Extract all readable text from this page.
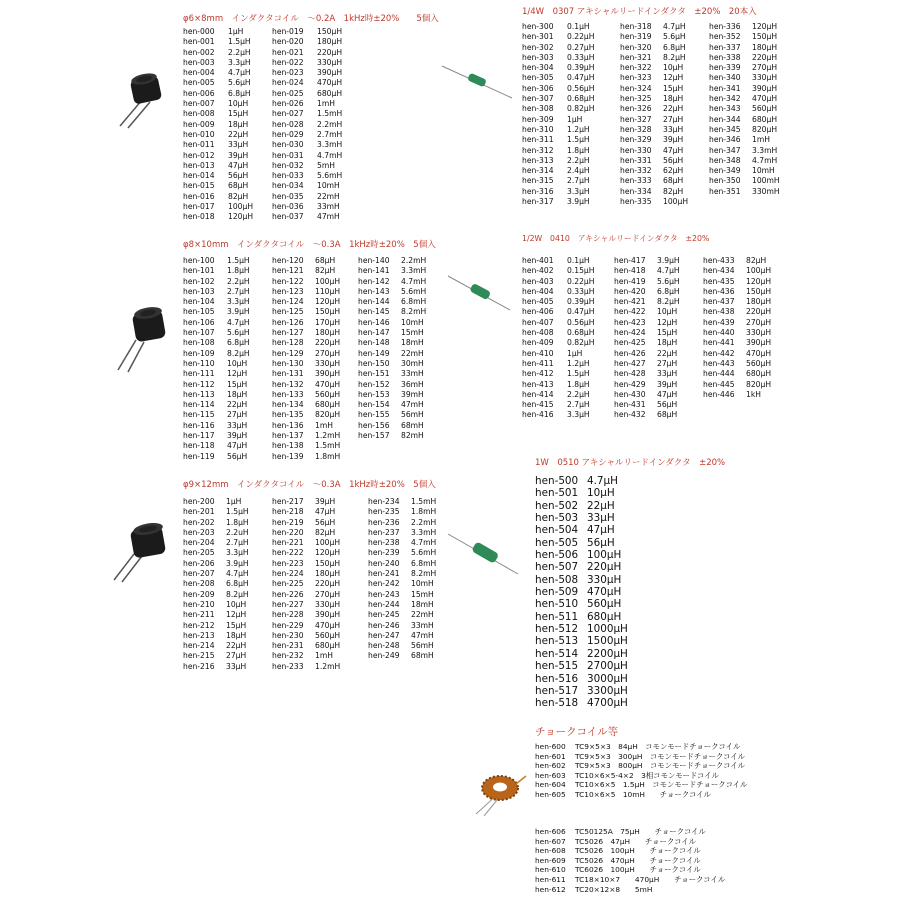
φ6×8mm　インダクタコイル　〜0.2A　1kHz時±20%　　5個入
φ8×10mm　インダクタコイル　〜0.3A　1kHz時±20%　5個入
φ9×12mm　インダクタコイル　〜0.3A　1kHz時±20%　5個入
1/4W　0307 アキシャルリードインダクタ　±20%　20本入
1/2W　0410　アキシャルリードインダクタ　±20%
1W　0510 アキシャルリードインダクタ　±20%
チョークコイル等
hen-000	1μH
hen-001	1.5μH
hen-002	2.2μH
hen-003	3.3μH
hen-004	4.7μH
hen-005	5.6μH
hen-006	6.8μH
hen-007	10μH
hen-008	15μH
hen-009	18μH
hen-010	22μH
hen-011	33μH
hen-012	39μH
hen-013	47μH
hen-014	56μH
hen-015	68μH
hen-016	82μH
hen-017	100μH
hen-018	120μH
hen-019	150μH
hen-020	180μH
hen-021	220μH
hen-022	330μH
hen-023	390μH
hen-024	470μH
hen-025	680μH
hen-026	1mH
hen-027	1.5mH
hen-028	2.2mH
hen-029	2.7mH
hen-030	3.3mH
hen-031	4.7mH
hen-032	5mH
hen-033	5.6mH
hen-034	10mH
hen-035	22mH
hen-036	33mH
hen-037	47mH
hen-100	1.5μH
hen-101	1.8μH
hen-102	2.2μH
hen-103	2.7μH
hen-104	3.3μH
hen-105	3.9μH
hen-106	4.7μH
hen-107	5.6μH
hen-108	6.8μH
hen-109	8.2μH
hen-110	10μH
hen-111	12μH
hen-112	15μH
hen-113	18μH
hen-114	22μH
hen-115	27μH
hen-116	33μH
hen-117	39μH
hen-118	47μH
hen-119	56μH
hen-120	68μH
hen-121	82μH
hen-122	100μH
hen-123	110μH
hen-124	120μH
hen-125	150μH
hen-126	170μH
hen-127	180μH
hen-128	220μH
hen-129	270μH
hen-130	330μH
hen-131	390μH
hen-132	470μH
hen-133	560μH
hen-134	680μH
hen-135	820μH
hen-136	1mH
hen-137	1.2mH
hen-138	1.5mH
hen-139	1.8mH
hen-140	2.2mH
hen-141	3.3mH
hen-142	4.7mH
hen-143	5.6mH
hen-144	6.8mH
hen-145	8.2mH
hen-146	10mH
hen-147	15mH
hen-148	18mH
hen-149	22mH
hen-150	30mH
hen-151	33mH
hen-152	36mH
hen-153	39mH
hen-154	47mH
hen-155	56mH
hen-156	68mH
hen-157	82mH
hen-200	1μH
hen-201	1.5μH
hen-202	1.8μH
hen-203	2.2uH
hen-204	2.7μH
hen-205	3.3μH
hen-206	3.9μH
hen-207	4.7μH
hen-208	6.8μH
hen-209	8.2μH
hen-210	10μH
hen-211	12μH
hen-212	15μH
hen-213	18μH
hen-214	22μH
hen-215	27μH
hen-216	33μH
hen-217	39μH
hen-218	47μH
hen-219	56μH
hen-220	82μH
hen-221	100μH
hen-222	120μH
hen-223	150μH
hen-224	180μH
hen-225	220μH
hen-226	270μH
hen-227	330μH
hen-228	390μH
hen-229	470μH
hen-230	560μH
hen-231	680μH
hen-232	1mH
hen-233	1.2mH
hen-234	1.5mH
hen-235	1.8mH
hen-236	2.2mH
hen-237	3.3mH
hen-238	4.7mH
hen-239	5.6mH
hen-240	6.8mH
hen-241	8.2mH
hen-242	10mH
hen-243	15mH
hen-244	18mH
hen-245	22mH
hen-246	33mH
hen-247	47mH
hen-248	56mH
hen-249	68mH
hen-300	0.1μH
hen-301	0.22μH
hen-302	0.27μH
hen-303	0.33μH
hen-304	0.39μH
hen-305	0.47μH
hen-306	0.56μH
hen-307	0.68μH
hen-308	0.82μH
hen-309	1μH
hen-310	1.2μH
hen-311	1.5μH
hen-312	1.8μH
hen-313	2.2μH
hen-314	2.4μH
hen-315	2.7μH
hen-316	3.3μH
hen-317	3.9μH
hen-318	4.7μH
hen-319	5.6μH
hen-320	6.8μH
hen-321	8.2μH
hen-322	10μH
hen-323	12μH
hen-324	15μH
hen-325	18μH
hen-326	22μH
hen-327	27μH
hen-328	33μH
hen-329	39μH
hen-330	47μH
hen-331	56μH
hen-332	62μH
hen-333	68μH
hen-334	82μH
hen-335	100μH
hen-336	120μH
hen-352	150μH
hen-337	180μH
hen-338	220μH
hen-339	270μH
hen-340	330μH
hen-341	390μH
hen-342	470μH
hen-343	560μH
hen-344	680μH
hen-345	820μH
hen-346	1mH
hen-347	3.3mH
hen-348	4.7mH
hen-349	10mH
hen-350	100mH
hen-351	330mH
hen-401	0.1μH
hen-402	0.15μH
hen-403	0.22μH
hen-404	0.33μH
hen-405	0.39μH
hen-406	0.47μH
hen-407	0.56μH
hen-408	0.68μH
hen-409	0.82μH
hen-410	1μH
hen-411	1.2μH
hen-412	1.5μH
hen-413	1.8μH
hen-414	2.2μH
hen-415	2.7μH
hen-416	3.3μH
hen-417	3.9μH
hen-418	4.7μH
hen-419	5.6μH
hen-420	6.8μH
hen-421	8.2μH
hen-422	10μH
hen-423	12μH
hen-424	15μH
hen-425	18μH
hen-426	22μH
hen-427	27μH
hen-428	33μH
hen-429	39μH
hen-430	47μH
hen-431	56μH
hen-432	68μH
hen-433	82μH
hen-434	100μH
hen-435	120μH
hen-436	150μH
hen-437	180μH
hen-438	220μH
hen-439	270μH
hen-440	330μH
hen-441	390μH
hen-442	470μH
hen-443	560μH
hen-444	680μH
hen-445	820μH
hen-446	1kH
hen-500 4.7μH
hen-501 10μH
hen-502 22μH
hen-503 33μH
hen-504 47μH
hen-505 56μH
hen-506 100μH
hen-507 220μH
hen-508 330μH
hen-509 470μH
hen-510 560μH
hen-511 680μH
hen-512 1000μH
hen-513 1500μH
hen-514 2200μH
hen-515 2700μH
hen-516 3000μH
hen-517 3300μH
hen-518 4700μH
hen-600 TC9×5×3　84μH　コモンモードチョークコイル
hen-601 TC9×5×3　300μH　コモンモードチョークコイル
hen-602 TC9×5×3　800μH　コモンモードチョークコイル
hen-603 TC10×6×5-4×2　3相コモンモードコイル
hen-604 TC10×6×5　1.5μH　コモンモードチョークコイル
hen-605 TC10×6×5　10mH　　チョークコイル
hen-606 TC50125A　75μH　　チョークコイル
hen-607 TC5026　47μH　　チョークコイル
hen-608 TC5026　100μH　　チョークコイル
hen-609 TC5026　470μH　　チョークコイル
hen-610 TC6026　100μH　　チョークコイル
hen-611 TC18×10×7　　470μH　　チョークコイル
hen-612 TC20×12×8　　5mH
